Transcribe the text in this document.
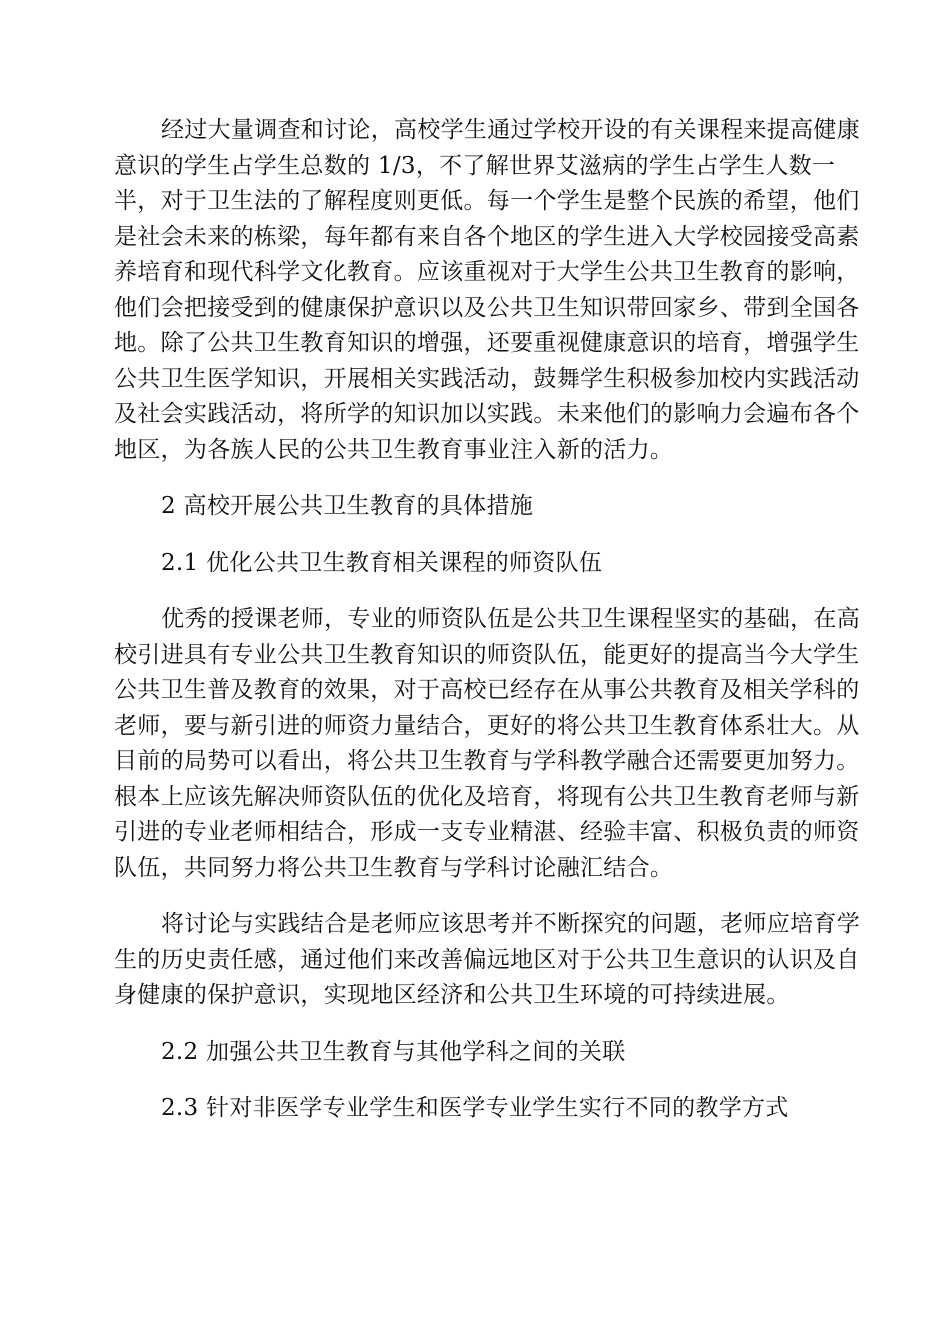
经过大量调查和讨论，高校学生通过学校开设的有关课程来提高健康
意识的学生占学生总数的 1/3，不了解世界艾滋病的学生占学生人数一
半，对于卫生法的了解程度则更低。每一个学生是整个民族的希望，他们
是社会未来的栋梁，每年都有来自各个地区的学生进入大学校园接受高素
养培育和现代科学文化教育。应该重视对于大学生公共卫生教育的影响，
他们会把接受到的健康保护意识以及公共卫生知识带回家乡、带到全国各
地。除了公共卫生教育知识的增强，还要重视健康意识的培育，增强学生
公共卫生医学知识，开展相关实践活动，鼓舞学生积极参加校内实践活动
及社会实践活动，将所学的知识加以实践。未来他们的影响力会遍布各个
地区，为各族人民的公共卫生教育事业注入新的活力。

2 高校开展公共卫生教育的具体措施

2.1 优化公共卫生教育相关课程的师资队伍

优秀的授课老师，专业的师资队伍是公共卫生课程坚实的基础，在高
校引进具有专业公共卫生教育知识的师资队伍，能更好的提高当今大学生
公共卫生普及教育的效果，对于高校已经存在从事公共教育及相关学科的
老师，要与新引进的师资力量结合，更好的将公共卫生教育体系壮大。从
目前的局势可以看出，将公共卫生教育与学科教学融合还需要更加努力。
根本上应该先解决师资队伍的优化及培育，将现有公共卫生教育老师与新
引进的专业老师相结合，形成一支专业精湛、经验丰富、积极负责的师资
队伍，共同努力将公共卫生教育与学科讨论融汇结合。

将讨论与实践结合是老师应该思考并不断探究的问题，老师应培育学
生的历史责任感，通过他们来改善偏远地区对于公共卫生意识的认识及自
身健康的保护意识，实现地区经济和公共卫生环境的可持续进展。

2.2 加强公共卫生教育与其他学科之间的关联

2.3 针对非医学专业学生和医学专业学生实行不同的教学方式
